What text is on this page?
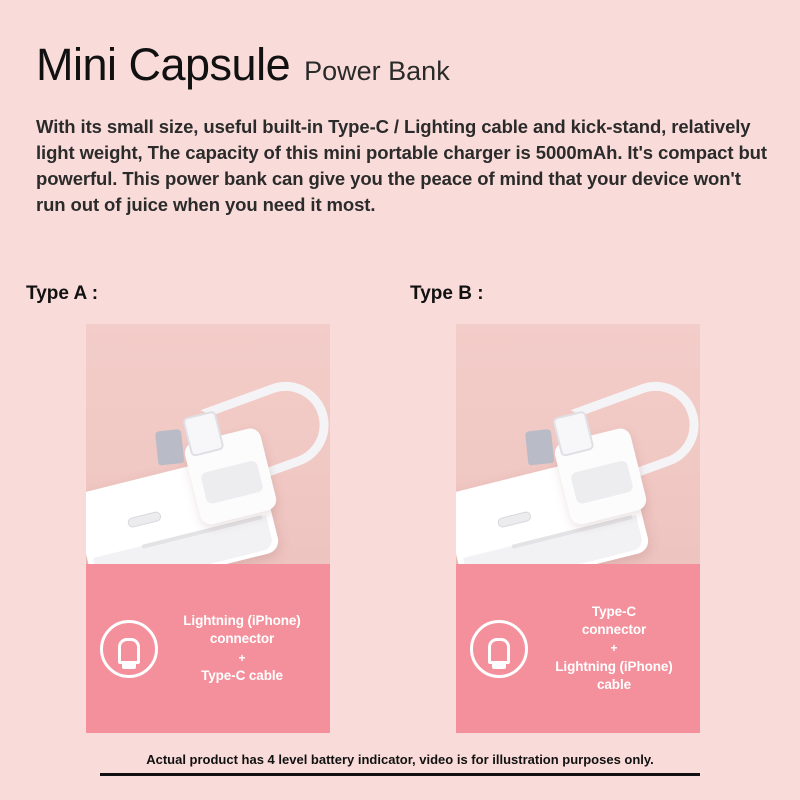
Mini Capsule Power Bank

With its small size, useful built-in Type-C / Lighting cable and kick-stand, relatively light weight, The capacity of this mini portable charger is 5000mAh. It's compact but powerful. This power bank can give you the peace of mind that your device won't run out of juice when you need it most.

Type A :	Type B :
Lightning (iPhone)
connector
+
Type-C cable
Type-C
connector
+
Lightning (iPhone)
cable
Actual product has 4 level battery indicator, video is for illustration purposes only.
